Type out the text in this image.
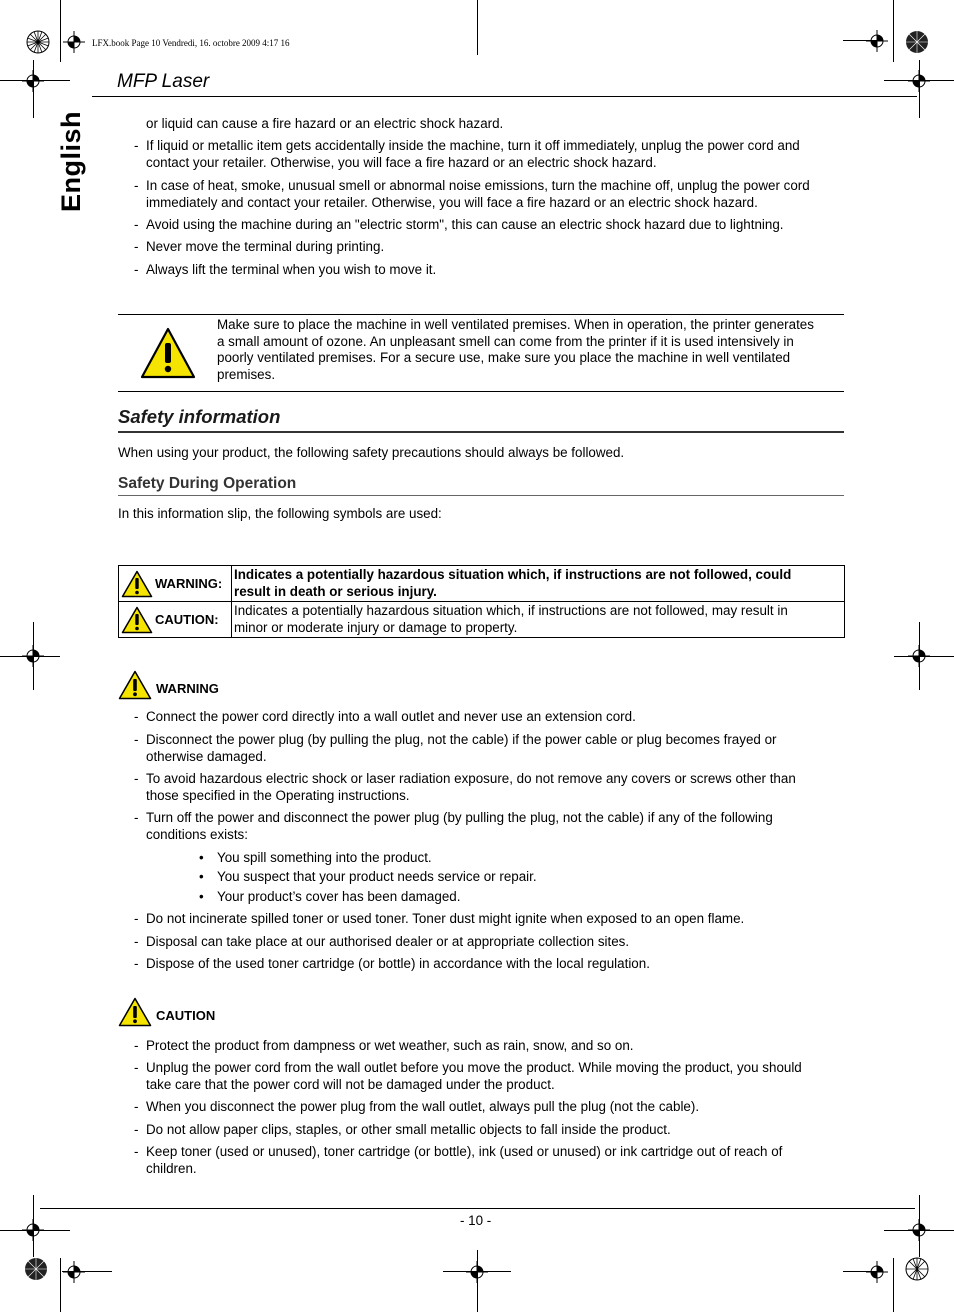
LFX.book Page 10 Vendredi, 16. octobre 2009 4:17 16
MFP Laser
English	or liquid can cause a fire hazard or an electric shock hazard.
- If liquid or metallic item gets accidentally inside the machine, turn it off immediately, unplug the power cord and
contact your retailer. Otherwise, you will face a fire hazard or an electric shock hazard.
- In case of heat, smoke, unusual smell or abnormal noise emissions, turn the machine off, unplug the power cord
immediately and contact your retailer. Otherwise, you will face a fire hazard or an electric shock hazard.
- Avoid using the machine during an "electric storm", this can cause an electric shock hazard due to lightning.
- Never move the terminal during printing.
- Always lift the terminal when you wish to move it.
Make sure to place the machine in well ventilated premises. When in operation, the printer generates
a small amount of ozone. An unpleasant smell can come from the printer if it is used intensively in
poorly ventilated premises. For a secure use, make sure you place the machine in well ventilated
premises.
Safety information
When using your product, the following safety precautions should always be followed.
Safety During Operation
In this information slip, the following symbols are used:
WARNING:	Indicates a potentially hazardous situation which, if instructions are not followed, could
result in death or serious injury.

CAUTION:	Indicates a potentially hazardous situation which, if instructions are not followed, may result in
minor or moderate injury or damage to property.
WARNING
- Connect the power cord directly into a wall outlet and never use an extension cord.
- Disconnect the power plug (by pulling the plug, not the cable) if the power cable or plug becomes frayed or
otherwise damaged.
- To avoid hazardous electric shock or laser radiation exposure, do not remove any covers or screws other than
those specified in the Operating instructions.
- Turn off the power and disconnect the power plug (by pulling the plug, not the cable) if any of the following
conditions exists:
• You spill something into the product.
• You suspect that your product needs service or repair.
• Your product’s cover has been damaged.
- Do not incinerate spilled toner or used toner. Toner dust might ignite when exposed to an open flame.
- Disposal can take place at our authorised dealer or at appropriate collection sites.
- Dispose of the used toner cartridge (or bottle) in accordance with the local regulation.
CAUTION
- Protect the product from dampness or wet weather, such as rain, snow, and so on.
- Unplug the power cord from the wall outlet before you move the product. While moving the product, you should
take care that the power cord will not be damaged under the product.
- When you disconnect the power plug from the wall outlet, always pull the plug (not the cable).
- Do not allow paper clips, staples, or other small metallic objects to fall inside the product.
- Keep toner (used or unused), toner cartridge (or bottle), ink (used or unused) or ink cartridge out of reach of
children.
- 10 -
